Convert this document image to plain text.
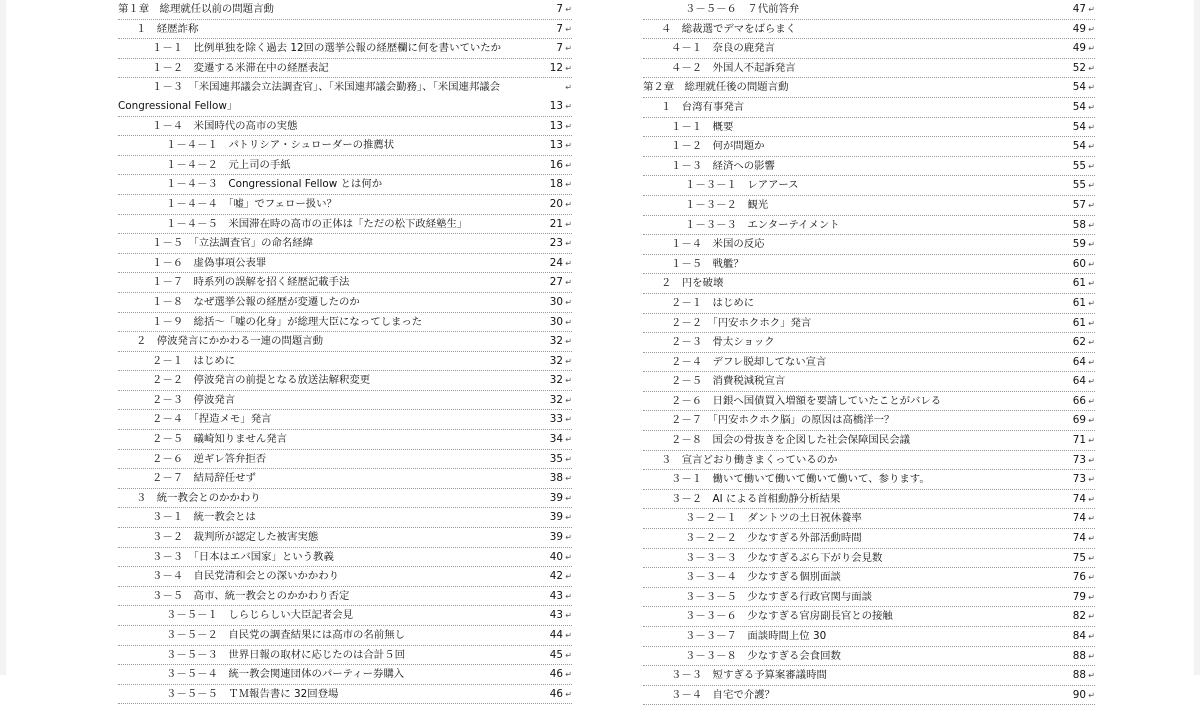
第１章　総理就任以前の問題言動	7 ↵
１　経歴詐称	7 ↵
１－１　比例単独を除く過去 12回の選挙公報の経歴欄に何を書いていたか	7 ↵
１－２　変遷する米滞在中の経歴表記	12 ↵
１－３　「米国連邦議会立法調査官」、「米国連邦議会勤務」、「米国連邦議会	↵
Congressional Fellow」	13 ↵
１－４　米国時代の高市の実態	13 ↵
１－４－１　パトリシア・シュローダーの推薦状	13 ↵
１－４－２　元上司の手紙	16 ↵
１－４－３　Congressional Fellow とは何か	18 ↵
１－４－４　「嘘」でフェロー扱い？	20 ↵
１－４－５　米国滞在時の高市の正体は「ただの松下政経塾生」	21 ↵
１－５　「立法調査官」の命名経緯	23 ↵
１－６　虚偽事項公表罪	24 ↵
１－７　時系列の誤解を招く経歴記載手法	27 ↵
１－８　なぜ選挙公報の経歴が変遷したのか	30 ↵
１－９　総括～「嘘の化身」が総理大臣になってしまった	30 ↵
２　停波発言にかかわる一連の問題言動	32 ↵
２－１　はじめに	32 ↵
２－２　停波発言の前提となる放送法解釈変更	32 ↵
２－３　停波発言	32 ↵
２－４　「捏造メモ」発言	33 ↵
２－５　礒崎知りません発言	34 ↵
２－６　逆ギレ答弁拒否	35 ↵
２－７　結局辞任せず	38 ↵
３　統一教会とのかかわり	39 ↵
３－１　統一教会とは	39 ↵
３－２　裁判所が認定した被害実態	39 ↵
３－３　「日本はエバ国家」という教義	40 ↵
３－４　自民党清和会との深いかかわり	42 ↵
３－５　高市、統一教会とのかかわり否定	43 ↵
３－５－１　しらじらしい大臣記者会見	43 ↵
３－５－２　自民党の調査結果には高市の名前無し	44 ↵
３－５－３　世界日報の取材に応じたのは合計５回	45 ↵
３－５－４　統一教会関連団体のパーティー券購入	46 ↵
３－５－５　ＴＭ報告書に 32回登場	46 ↵
３－５－６　７代前答弁	47 ↵
４　総裁選でデマをばらまく	49 ↵
４－１　奈良の鹿発言	49 ↵
４－２　外国人不起訴発言	52 ↵
第２章　総理就任後の問題言動	54 ↵
１　台湾有事発言	54 ↵
１－１　概要	54 ↵
１－２　何が問題か	54 ↵
１－３　経済への影響	55 ↵
１－３－１　レアアース	55 ↵
１－３－２　観光	57 ↵
１－３－３　エンターテイメント	58 ↵
１－４　米国の反応	59 ↵
１－５　戦艦？	60 ↵
２　円を破壊	61 ↵
２－１　はじめに	61 ↵
２－２　「円安ホクホク」発言	61 ↵
２－３　骨太ショック	62 ↵
２－４　デフレ脱却してない宣言	64 ↵
２－５　消費税減税宣言	64 ↵
２－６　日銀へ国債買入増額を要請していたことがバレる	66 ↵
２－７　「円安ホクホク脳」の原因は高橋洋一？	69 ↵
２－８　国会の骨抜きを企図した社会保障国民会議	71 ↵
３　宣言どおり働きまくっているのか	73 ↵
３－１　働いて働いて働いて働いて働いて、参ります。	73 ↵
３－２　AI による首相動静分析結果	74 ↵
３－２－１　ダントツの土日祝休養率	74 ↵
３－２－２　少なすぎる外部活動時間	74 ↵
３－３－３　少なすぎるぶら下がり会見数	75 ↵
３－３－４　少なすぎる個別面談	76 ↵
３－３－５　少なすぎる行政官関与面談	79 ↵
３－３－６　少なすぎる官房副長官との接触	82 ↵
３－３－７　面談時間上位 30	84 ↵
３－３－８　少なすぎる会食回数	88 ↵
３－３　短すぎる予算案審議時間	88 ↵
３－４　自宅で介護？	90 ↵
